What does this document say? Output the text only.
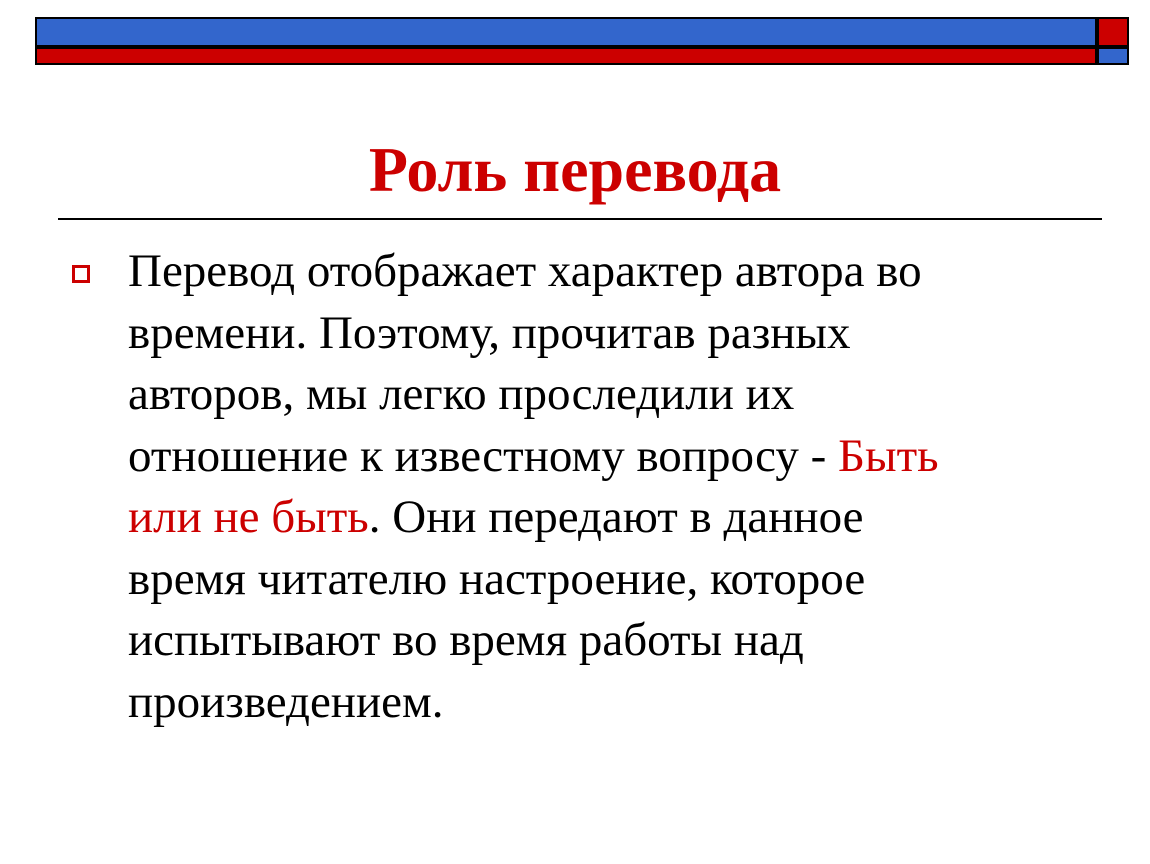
Роль перевода
Перевод отображает характер автора во
времени. Поэтому, прочитав разных
авторов, мы легко проследили их
отношение к известному вопросу - Быть
или не быть. Они передают в данное
время читателю настроение, которое
испытывают во время работы над
произведением.
